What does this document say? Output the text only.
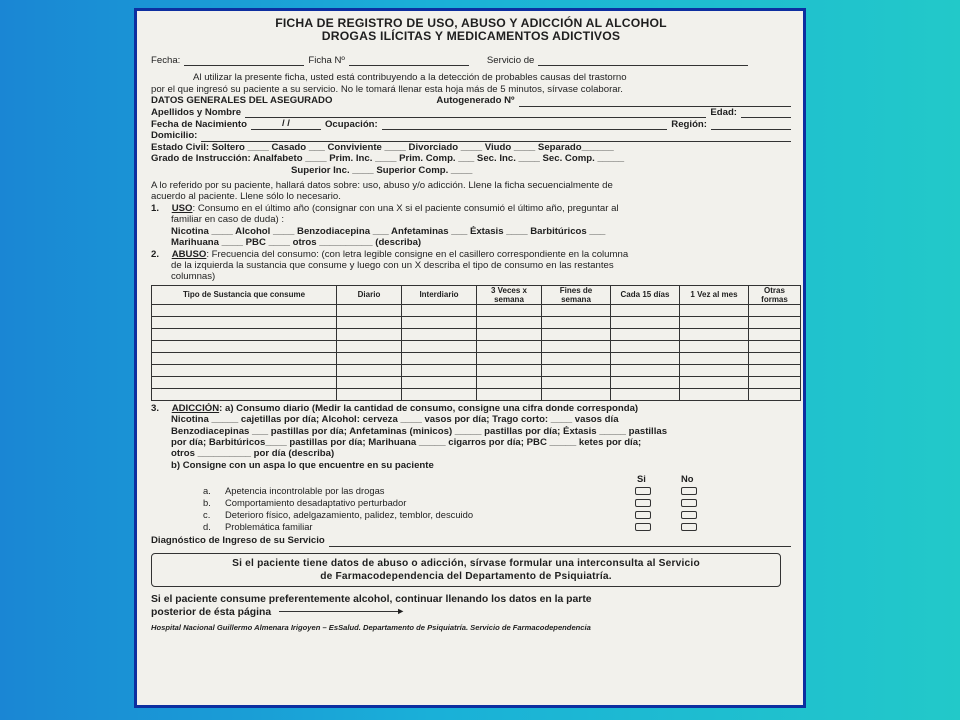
FICHA DE REGISTRO DE USO, ABUSO Y ADICCIÓN AL ALCOHOL
DROGAS ILÍCITAS Y MEDICAMENTOS ADICTIVOS
Fecha:	Ficha Nº	Servicio de
Al utilizar la presente ficha, usted está contribuyendo a la detección de probables causas del trastorno
por el que ingresó su paciente a su servicio. No le tomará llenar esta hoja más de 5 minutos, sírvase colaborar.
DATOS GENERALES DEL ASEGURADO	Autogenerado Nº
Apellidos y Nombre	Edad:
Fecha de Nacimiento	/ /	Ocupación:	Región:
Domicilio:
Estado Civil: Soltero ____ Casado ___ Conviviente ____ Divorciado ____ Viudo ____ Separado______
Grado de Instrucción: Analfabeto ____ Prim. Inc. ____ Prim. Comp. ___ Sec. Inc. ____ Sec. Comp. _____
Superior Inc. ____ Superior Comp. ____
A lo referido por su paciente, hallará datos sobre: uso, abuso y/o adicción. Llene la ficha secuencialmente de
acuerdo al paciente. Llene sólo lo necesario.
1. USO: Consumo en el último año (consignar con una X si el paciente consumió el último año, preguntar al
familiar en caso de duda) :
Nicotina ____ Alcohol ____ Benzodiacepina ___ Anfetaminas ___ Éxtasis ____ Barbitúricos ___
Marihuana ____ PBC ____ otros __________ (describa)
2. ABUSO: Frecuencia del consumo: (con letra legible consigne en el casillero correspondiente en la columna
de la izquierda la sustancia que consume y luego con un X describa el tipo de consumo en las restantes
columnas)
Tipo de Sustancia que consume	Diario	Interdiario	3 Veces x semana	Fines de semana	Cada 15 días	1 Vez al mes	Otras formas

3. ADICCIÓN: a) Consumo diario (Medir la cantidad de consumo, consigne una cifra donde corresponda)
Nicotina _____ cajetillas por día; Alcohol: cerveza ____ vasos por día; Trago corto: ____ vasos día
Benzodiacepinas ___ pastillas por día; Anfetaminas (minicos) _____ pastillas por día; Éxtasis _____ pastillas
por día; Barbitúricos____ pastillas por día; Marihuana _____ cigarros por día; PBC _____ ketes por día;
otros __________ por día (describa)
b) Consigne con un aspa lo que encuentre en su paciente
Si	No
a. Apetencia incontrolable por las drogas
b. Comportamiento desadaptativo perturbador
c. Deterioro físico, adelgazamiento, palidez, temblor, descuido
d. Problemática familiar
Diagnóstico de Ingreso de su Servicio
Si el paciente tiene datos de abuso o adicción, sírvase formular una interconsulta al Servicio
de Farmacodependencia del Departamento de Psiquiatría.
Si el paciente consume preferentemente alcohol, continuar llenando los datos en la parte
posterior de ésta página►
Hospital Nacional Guillermo Almenara Irigoyen – EsSalud. Departamento de Psiquiatría. Servicio de Farmacodependencia
